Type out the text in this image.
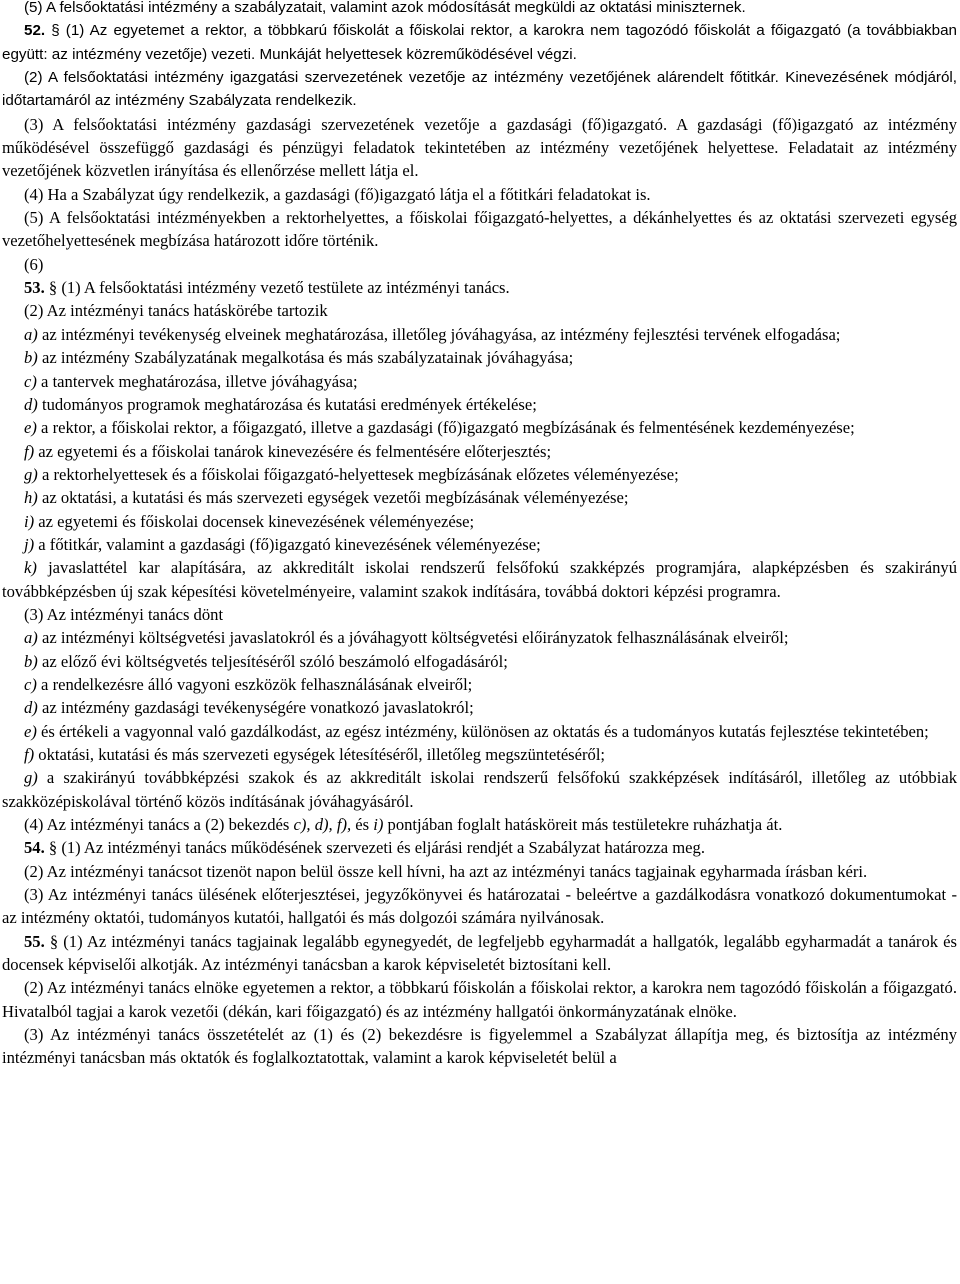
(5) A felsőoktatási intézmény a szabályzatait, valamint azok módosítását megküldi az oktatási miniszternek.

52. § (1) Az egyetemet a rektor, a többkarú főiskolát a főiskolai rektor, a karokra nem tagozódó főiskolát a főigazgató (a továbbiakban együtt: az intézmény vezetője) vezeti. Munkáját helyettesek közreműködésével végzi.

(2) A felsőoktatási intézmény igazgatási szervezetének vezetője az intézmény vezetőjének alárendelt főtitkár. Kinevezésének módjáról, időtartamáról az intézmény Szabályzata rendelkezik.

(3) A felsőoktatási intézmény gazdasági szervezetének vezetője a gazdasági (fő)igazgató. A gazdasági (fő)igazgató az intézmény működésével összefüggő gazdasági és pénzügyi feladatok tekintetében az intézmény vezetőjének helyettese. Feladatait az intézmény vezetőjének közvetlen irányítása és ellenőrzése mellett látja el.

(4) Ha a Szabályzat úgy rendelkezik, a gazdasági (fő)igazgató látja el a főtitkári feladatokat is.

(5) A felsőoktatási intézményekben a rektorhelyettes, a főiskolai főigazgató-helyettes, a dékánhelyettes és az oktatási szervezeti egység vezetőhelyettesének megbízása határozott időre történik.

(6)

53. § (1) A felsőoktatási intézmény vezető testülete az intézményi tanács.

(2) Az intézményi tanács hatáskörébe tartozik

a) az intézményi tevékenység elveinek meghatározása, illetőleg jóváhagyása, az intézmény fejlesztési tervének elfogadása;

b) az intézmény Szabályzatának megalkotása és más szabályzatainak jóváhagyása;

c) a tantervek meghatározása, illetve jóváhagyása;

d) tudományos programok meghatározása és kutatási eredmények értékelése;

e) a rektor, a főiskolai rektor, a főigazgató, illetve a gazdasági (fő)igazgató megbízásának és felmentésének kezdeményezése;

f) az egyetemi és a főiskolai tanárok kinevezésére és felmentésére előterjesztés;

g) a rektorhelyettesek és a főiskolai főigazgató-helyettesek megbízásának előzetes véleményezése;

h) az oktatási, a kutatási és más szervezeti egységek vezetői megbízásának véleményezése;

i) az egyetemi és főiskolai docensek kinevezésének véleményezése;

j) a főtitkár, valamint a gazdasági (fő)igazgató kinevezésének véleményezése;

k) javaslattétel kar alapítására, az akkreditált iskolai rendszerű felsőfokú szakképzés programjára, alapképzésben és szakirányú továbbképzésben új szak képesítési követelményeire, valamint szakok indítására, továbbá doktori képzési programra.

(3) Az intézményi tanács dönt

a) az intézményi költségvetési javaslatokról és a jóváhagyott költségvetési előirányzatok felhasználásának elveiről;

b) az előző évi költségvetés teljesítéséről szóló beszámoló elfogadásáról;

c) a rendelkezésre álló vagyoni eszközök felhasználásának elveiről;

d) az intézmény gazdasági tevékenységére vonatkozó javaslatokról;

e) és értékeli a vagyonnal való gazdálkodást, az egész intézmény, különösen az oktatás és a tudományos kutatás fejlesztése tekintetében;

f) oktatási, kutatási és más szervezeti egységek létesítéséről, illetőleg megszüntetéséről;

g) a szakirányú továbbképzési szakok és az akkreditált iskolai rendszerű felsőfokú szakképzések indításáról, illetőleg az utóbbiak szakközépiskolával történő közös indításának jóváhagyásáról.

(4) Az intézményi tanács a (2) bekezdés c), d), f), és i) pontjában foglalt hatásköreit más testületekre ruházhatja át.

54. § (1) Az intézményi tanács működésének szervezeti és eljárási rendjét a Szabályzat határozza meg.

(2) Az intézményi tanácsot tizenöt napon belül össze kell hívni, ha azt az intézményi tanács tagjainak egyharmada írásban kéri.

(3) Az intézményi tanács ülésének előterjesztései, jegyzőkönyvei és határozatai - beleértve a gazdálkodásra vonatkozó dokumentumokat - az intézmény oktatói, tudományos kutatói, hallgatói és más dolgozói számára nyilvánosak.

55. § (1) Az intézményi tanács tagjainak legalább egynegyedét, de legfeljebb egyharmadát a hallgatók, legalább egyharmadát a tanárok és docensek képviselői alkotják. Az intézményi tanácsban a karok képviseletét biztosítani kell.

(2) Az intézményi tanács elnöke egyetemen a rektor, a többkarú főiskolán a főiskolai rektor, a karokra nem tagozódó főiskolán a főigazgató. Hivatalból tagjai a karok vezetői (dékán, kari főigazgató) és az intézmény hallgatói önkormányzatának elnöke.

(3) Az intézményi tanács összetételét az (1) és (2) bekezdésre is figyelemmel a Szabályzat állapítja meg, és biztosítja az intézmény intézményi tanácsban más oktatók és foglalkoztatottak, valamint a karok képviseletét belül a
